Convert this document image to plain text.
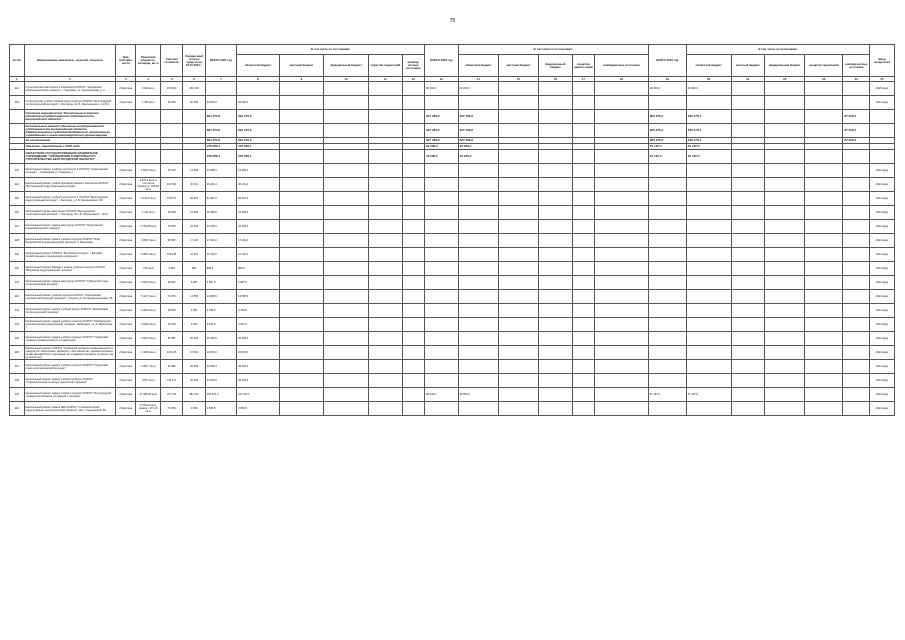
75
№ п/п	Наименование заказчиков, отраслей, объектов	Вид собствен-ности	Проектная мощность, площадь, кв. м	Сметная стоимость	Ожидае-мый остаток средств на 01.01 2021 г.	ВСЕГО 2021 год	В том числе по источникам:					ВСЕГО 2022 год	В том числе по источникам:					ВСЕГО 2023 год	В том числе по источникам:					Ввод мощностей
							областной бюджет	местный бюджет	федеральный бюджет	средства территорий	внебюд-жетные источники		областной бюджет	местный бюджет	федеральный бюджет	средства перечи-терий	внебюджетные источники		областной бюджет	местный бюджет	федеральный бюджет	средства территорий	внебюд-жетные источники	
1	2	3	4	5	6	7	8	9	10	11	12	13	14	15	16	17	18	19	20	21	22	23	24	25
221	Строительство мастерских в общежития ОГАПОУ "Чернянский агромеханический техникум", с. Чернянка, ул. Одинокинская, д. 3	областная	2 000 кв.м	150 000	150 000							60 000,0	60 000,0					40 000,0	40 000,0					2025 ввод
222	Строительство учебно-лабораторного корпуса ОГАПОУ "Белгородский политехнический колледж", г. Белгород, пр. Б. Хмельницкого, д. 137А	областная	1 350 кв.м	60 000	60 000	60 000,0	60 000,0																	2021 ввод
	Основное мероприятие "Капитальный ремонт объектов государственной собственности Белгородской области"					691 073,6	691 073,6					627 459,8	627 459,8					905 475,4	818 175,4				87 300,0	
	Капитальный ремонт объектов государственной собственности Белгородской области (Предоставление субсидий бюджетным, автономным учреждениям и иным некоммерческим организациям)					691 073,6	691 073,6					627 459,8	627 459,8					905 475,4	818 175,4				87 300,0	
	За исключением					691 073,6	691 073,6					627 459,8	627 459,8					905 475,4	818 175,4				87 300,0	
	Объекты, переходящие с 2020 года					278 089,1	278 089,1					62 299,0	62 299,0					51 197,0	51 197,0					
	ОБЛАСТНОЕ ГОСУДАРСТВЕННОЕ БЮДЖЕТНОЕ УЧРЕЖДЕНИЕ "УПРАВЛЕНИЕ КАПИТАЛЬНОГО СТРОИТЕЛЬСТВА БЕЛГОРОДСКОЙ ОБЛАСТИ"					278 089,1	278 089,1					43 299,0	43 299,0					51 197,0	51 197,0					
223	Капитальный ремонт учебного корпуса № 3 ОГАПОУ "Алексеевский колледж", г. Алексеевка ул. Гагарина, 2	областная	1 849,4 кв.м	43 013	14 289	14 289,0	14 289,0																	2021 ввод
224	Капитальный ремонт учебно-производственного комплекса ОГАПОУ "Белгородский индустриальный колледж"	областная	2 570,4 кв.м, в том числе благоустр. 789,38 кв.м	130 543	46 161	46 161,4	46 161,4																	2021 ввод
225	Капитальный ремонт учебного корпуса № 2 ОГАПОУ "Белгородский индустриальный колледж", г. Белгород, ул. Б. Хмельницкого, 80	областная	6 134,0 кв.м	139 577	84 287	84 287,0	84 287,0																	2021 ввод
226	Капитальный ремонт мастерских ОГАПОУ "Белгородский политехнический колледж", г. Белгород, пр-т Б. Хмельницкого, 137А	областная	1 131 кв.м	45 548	15 495	15 495,0	15 495,0																	2021 ввод
227	Капитальный ремонт здания мастерских ОГАПОУ "Борисовский агромеханический техникум"	областная	2 749,89 кв.м	76 669	24 135	24 135,0	24 135,0																	2021 ввод
228	Капитальный ремонт здания учебного корпуса ОГАПОУ "БЭЦ Борисовский агромеханический техникум" п. Борисовка	областная	4 905,7 кв.м	95 827	17 429	17 429,0	17 429,0																	2021 ввод
229	Капитальный ремонт ОГАПОУ "Валуйский колледж", г. Валуйки, (хозяйственные и медицинские отделения)	областная	6 056,3 кв.м	108 235	10 110	10 110,0	10 110,0																	2021 ввод
230	Капитальный ремонт фасада и кровли учебного корпуса ОГАПОУ "Валуйский индустриальный техникум"	областная	376 кв.м	9 400	800	899,9	899,9																	2021 ввод
231	Капитальный ремонт здания мастерских ОГАПОУ "Губкинский горно-политехнический колледж"	областная	2 964,5 кв.м	38 661	6 987	6 987,5	6 987,5																	2021 ввод
232	Капитальный ремонт учебного корпуса ОГАПОУ "Корочанский сельскохозяйственный техникум", г. Короча, ул. Интернациональная, 56	областная	5 417,4 кв.м	72 256	14 558	14 558,5	14 558,5																	2021 ввод
233	Капитальный ремонт здания учебный корпус ОГАПОУ "Яковлевский политехнический техникум"	областная	2 300,5 кв.м	28 533	9 784	9 783,8	9 783,8																	2021 ввод
234	Капитальный ремонт здания учебного корпуса ОГАПОУ "Шебекинский агротехнический ремесленный техникум", Шебекинск, ул. А. Матросова, 7	областная	2 039,9 кв.м	44 019	3 022	3 021,9	3 021,9																	2021 ввод
235	Капитальный ремонт здания учебного корпуса ОГАПОУ "Губкинский техникум промышленности и транспорта"	областная	3 600,0 кв.м	59 687	20 495	20 495,0	20 495,0																	2021 ввод
236	Капитальный ремонт ОГАПОУ "Губкинский техникум промышленности и транспорта" (мастерские, автокласс, спортивный зал, административно-хозяйственный блок, спортивный зал и административное строение, гар. луческий цех)	областная	4 465,9 кв.м	146 166	10 004	10 003,0	10 003,0																	2021 ввод
237	Капитальный ремонт здания учебного корпуса ОГАПОУ "Губкинский горно-политехнический колледж"	областная	4 054,7 кв.м	64 480	26 846	26 846,3	26 846,3																	2021 ввод
238	Капитальный ремонт здания учебного корпуса ОГАПОУ "Старооскольский техникум технологий и дизайна"	областная	4 877 кв.м	118 171	42 529	42 529,5	42 529,5																	2021 ввод
239	Капитальный ремонт здания учебного корпуса ОГАПОУ "Белгородский техникум агробизнеса, коллекций и торговли"	областная	17 380,83 кв.м	217 754	281 097	102 613,0	102 613,0					58 000,0	58 000,0					51 197,0	51 197,0					2024 ввод
240	Капитальный ремонт здания АБК ОГАПОУ "Старооскольский индустриально-технологический техникум", мкр. Студенческий, 56	областная	2 676,24 кв.м, гаражи - 171,15 кв.м	74 709	3 656	3 656,5	3 656,5																	2021 ввод
